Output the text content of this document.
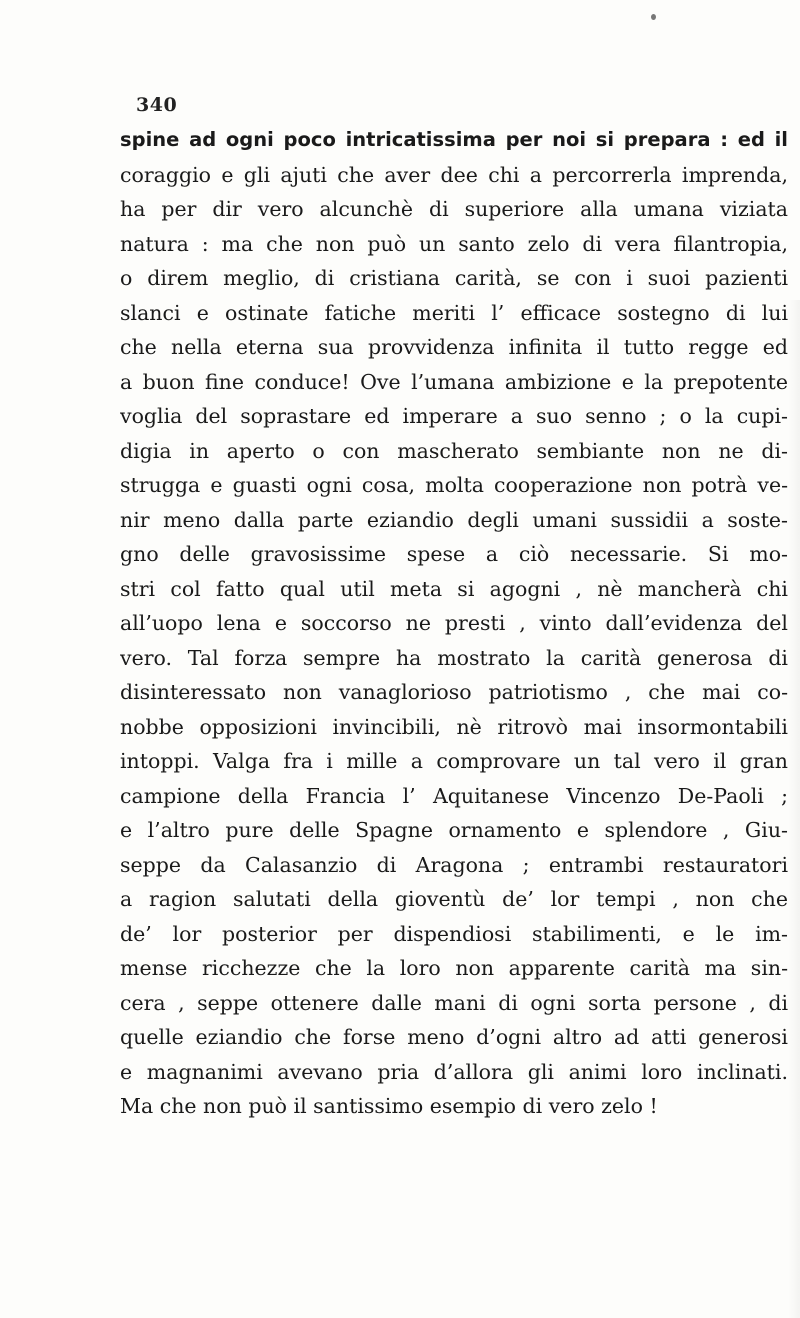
340
spine ad ogni poco intricatissima per noi si prepara : ed il
coraggio e gli ajuti che aver dee chi a percorrerla imprenda,
ha per dir vero alcunchè di superiore alla umana viziata
natura : ma che non può un santo zelo di vera filantropia,
o direm meglio, di cristiana carità, se con i suoi pazienti
slanci e ostinate fatiche meriti l’ efficace sostegno di lui
che nella eterna sua provvidenza infinita il tutto regge ed
a buon fine conduce! Ove l’umana ambizione e la prepotente
voglia del soprastare ed imperare a suo senno ; o la cupi-
digia in aperto o con mascherato sembiante non ne di-
strugga e guasti ogni cosa, molta cooperazione non potrà ve-
nir meno dalla parte eziandio degli umani sussidii a soste-
gno delle gravosissime spese a ciò necessarie. Si mo-
stri col fatto qual util meta si agogni , nè mancherà chi
all’uopo lena e soccorso ne presti , vinto dall’evidenza del
vero. Tal forza sempre ha mostrato la carità generosa di
disinteressato non vanaglorioso patriotismo , che mai co-
nobbe opposizioni invincibili, nè ritrovò mai insormontabili
intoppi. Valga fra i mille a comprovare un tal vero il gran
campione della Francia l’ Aquitanese Vincenzo De-Paoli ;
e l’altro pure delle Spagne ornamento e splendore , Giu-
seppe da Calasanzio di Aragona ; entrambi restauratori
a ragion salutati della gioventù de’ lor tempi , non che
de’ lor posterior per dispendiosi stabilimenti, e le im-
mense ricchezze che la loro non apparente carità ma sin-
cera , seppe ottenere dalle mani di ogni sorta persone , di
quelle eziandio che forse meno d’ogni altro ad atti generosi
e magnanimi avevano pria d’allora gli animi loro inclinati.
Ma che non può il santissimo esempio di vero zelo !
